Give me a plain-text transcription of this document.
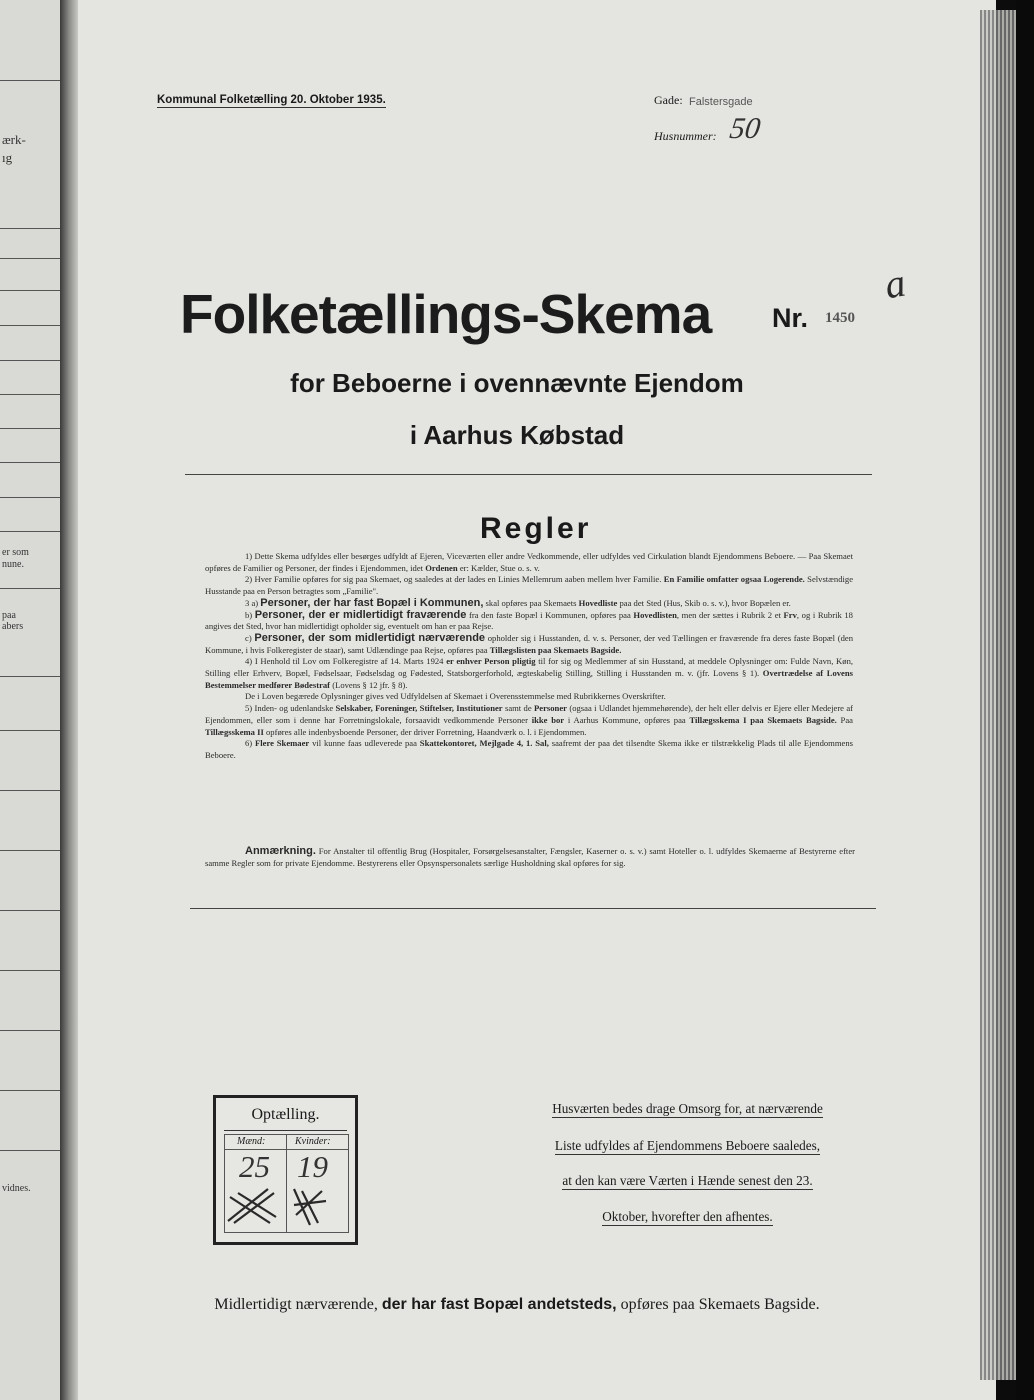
ærk-
ıg
er som
nune.
paa
abers
vidnes.
Kommunal Folketælling 20. Oktober 1935.	Gade: Falstersgade
Husnummer: 50
Folketællings-Skema Nr. 1450
a
for Beboerne i ovennævnte Ejendom
i Aarhus Købstad
Regler

1) Dette Skema udfyldes eller besørges udfyldt af Ejeren, Viceværten eller andre Vedkommende, eller udfyldes ved Cirkulation blandt Ejendommens Beboere. — Paa Skemaet opføres de Familier og Personer, der findes i Ejendommen, idet Ordenen er: Kælder, Stue o. s. v.

2) Hver Familie opføres for sig paa Skemaet, og saaledes at der lades en Linies Mellemrum aaben mellem hver Familie. En Familie omfatter ogsaa Logerende. Selvstændige Husstande paa en Person betragtes som „Familie".

3 a) Personer, der har fast Bopæl i Kommunen, skal opføres paa Skemaets Hovedliste paa det Sted (Hus, Skib o. s. v.), hvor Bopælen er.

b) Personer, der er midlertidigt fraværende fra den faste Bopæl i Kommunen, opføres paa Hovedlisten, men der sættes i Rubrik 2 et Frv, og i Rubrik 18 angives det Sted, hvor han midlertidigt opholder sig, eventuelt om han er paa Rejse.

c) Personer, der som midlertidigt nærværende opholder sig i Husstanden, d. v. s. Personer, der ved Tællingen er fraværende fra deres faste Bopæl (den Kommune, i hvis Folkeregister de staar), samt Udlændinge paa Rejse, opføres paa Tillægslisten paa Skemaets Bagside.

4) I Henhold til Lov om Folkeregistre af 14. Marts 1924 er enhver Person pligtig til for sig og Medlemmer af sin Husstand, at meddele Oplysninger om: Fulde Navn, Køn, Stilling eller Erhverv, Bopæl, Fødselsaar, Fødselsdag og Fødested, Statsborgerforhold, ægteskabelig Stilling, Stilling i Husstanden m. v. (jfr. Lovens § 1). Overtrædelse af Lovens Bestemmelser medfører Bødestraf (Lovens § 12 jfr. § 8).

De i Loven begærede Oplysninger gives ved Udfyldelsen af Skemaet i Overensstemmelse med Rubrikkernes Overskrifter.

5) Inden- og udenlandske Selskaber, Foreninger, Stiftelser, Institutioner samt de Personer (ogsaa i Udlandet hjemmehørende), der helt eller delvis er Ejere eller Medejere af Ejendommen, eller som i denne har Forretningslokale, forsaavidt vedkommende Personer ikke bor i Aarhus Kommune, opføres paa Tillægsskema I paa Skemaets Bagside. Paa Tillægsskema II opføres alle indenbysboende Personer, der driver Forretning, Haandværk o. l. i Ejendommen.

6) Flere Skemaer vil kunne faas udleverede paa Skattekontoret, Mejlgade 4, 1. Sal, saafremt der paa det tilsendte Skema ikke er tilstrækkelig Plads til alle Ejendommens Beboere.

Anmærkning. For Anstalter til offentlig Brug (Hospitaler, Forsørgelsesanstalter, Fængsler, Kaserner o. s. v.) samt Hoteller o. l. udfyldes Skemaerne af Bestyrerne efter samme Regler som for private Ejendomme. Bestyrerens eller Opsynspersonalets særlige Husholdning skal opføres for sig.

Optælling.
Mænd:	Kvinder:
25 19
Husværten bedes drage Omsorg for, at nærværende
Liste udfyldes af Ejendommens Beboere saaledes,
at den kan være Værten i Hænde senest den 23.
Oktober, hvorefter den afhentes.
Midlertidigt nærværende, der har fast Bopæl andetsteds, opføres paa Skemaets Bagside.
